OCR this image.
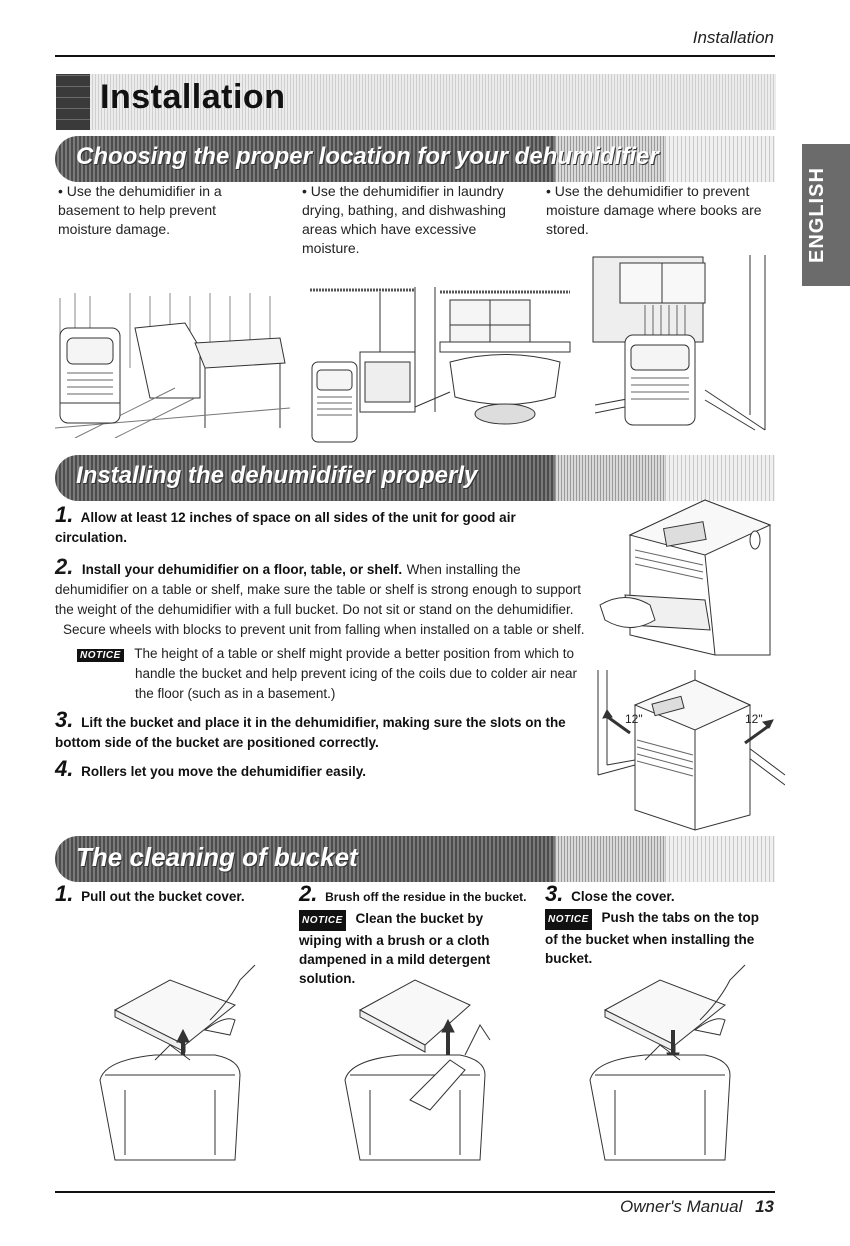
Installation
Installation
ENGLISH
Choosing the proper location for your dehumidifier
• Use the dehumidifier in a basement to help prevent moisture damage.
• Use the dehumidifier in laundry drying, bathing, and dishwashing areas which have excessive moisture.
• Use the dehumidifier to prevent moisture damage where books are stored.
Installing the dehumidifier properly
1. Allow at least 12 inches of space on all sides of the unit for good air circulation.
2. Install your dehumidifier on a floor, table, or shelf. When installing the dehumidifier on a table or shelf, make sure the table or shelf is strong enough to support the weight of the dehumidifier with a full bucket. Do not sit or stand on the dehumidifier.
Secure wheels with blocks to prevent unit from falling when installed on a table or shelf.
NOTICE The height of a table or shelf might provide a better position from which to handle the bucket and help prevent icing of the coils due to colder air near the floor (such as in a basement.)
3. Lift the bucket and place it in the dehumidifier, making sure the slots on the bottom side of the bucket are positioned correctly.
4. Rollers let you move the dehumidifier easily.
12"	12"
The cleaning of bucket
1. Pull out the bucket cover.	2. Brush off the residue in the bucket.
NOTICE Clean the bucket by wiping with a brush or a cloth dampened in a mild detergent solution.
3. Close the cover.
NOTICE Push the tabs on the top of the bucket when installing the bucket.
Owner's Manual 13
